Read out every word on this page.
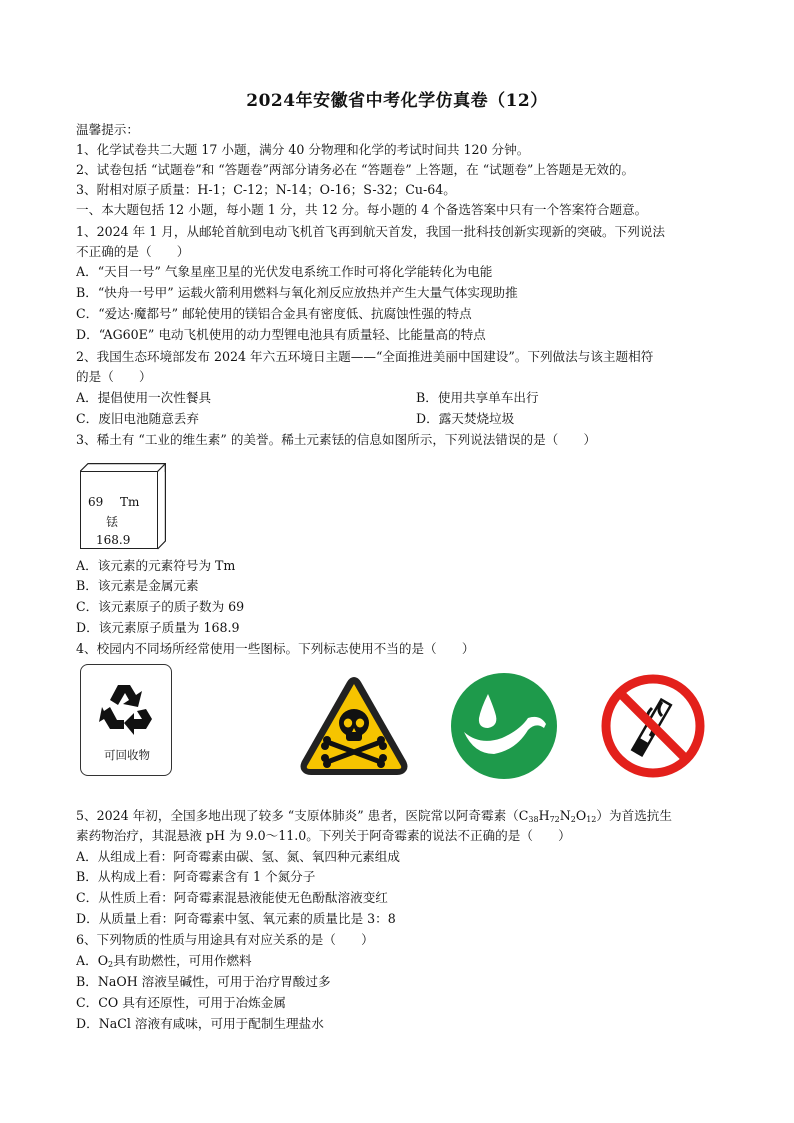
2024年安徽省中考化学仿真卷（12）
温馨提示：
1、化学试卷共二大题 17 小题，满分 40 分物理和化学的考试时间共 120 分钟。
2、试卷包括 “试题卷”和 “答题卷”两部分请务必在 “答题卷” 上答题，在 “试题卷”上答题是无效的。
3、附相对原子质量：H-1；C-12；N-14；O-16；S-32；Cu-64。
一、本大题包括 12 小题，每小题 1 分，共 12 分。每小题的 4 个备选答案中只有一个答案符合题意。
1、2024 年 1 月，从邮轮首航到电动飞机首飞再到航天首发，我国一批科技创新实现新的突破。下列说法
不正确的是（　　）
A．“天目一号” 气象星座卫星的光伏发电系统工作时可将化学能转化为电能
B．“快舟一号甲” 运载火箭利用燃料与氧化剂反应放热并产生大量气体实现助推
C．“爱达·魔都号” 邮轮使用的镁铝合金具有密度低、抗腐蚀性强的特点
D．“AG60E” 电动飞机使用的动力型锂电池具有质量轻、比能量高的特点
2、我国生态环境部发布 2024 年六五环境日主题——“全面推进美丽中国建设”。下列做法与该主题相符
的是（　　）
A．提倡使用一次性餐具	B．使用共享单车出行
C．废旧电池随意丢弃	D．露天焚烧垃圾
3、稀土有 “工业的维生素” 的美誉。稀土元素铥的信息如图所示，下列说法错误的是（　　）
69 Tm
铥
168.9
A．该元素的元素符号为 Tm
B．该元素是金属元素
C．该元素原子的质子数为 69
D．该元素原子质量为 168.9
4、校园内不同场所经常使用一些图标。下列标志使用不当的是（　　）
可回收物
5、2024 年初，全国多地出现了较多 “支原体肺炎” 患者，医院常以阿奇霉素$(C_{38}H_{72}N_2O_{12})$为首选抗生
素药物治疗，其混悬液 pH 为 9.0～11.0。下列关于阿奇霉素的说法不正确的是（　　）
A．从组成上看：阿奇霉素由碳、氢、氮、氧四种元素组成
B．从构成上看：阿奇霉素含有 1 个氮分子
C．从性质上看：阿奇霉素混悬液能使无色酚酞溶液变红
D．从质量上看：阿奇霉素中氢、氧元素的质量比是 3：8
6、下列物质的性质与用途具有对应关系的是（　　）
A．$O_2$具有助燃性，可用作燃料
B．NaOH 溶液呈碱性，可用于治疗胃酸过多
C．CO 具有还原性，可用于冶炼金属
D．NaCl 溶液有咸味，可用于配制生理盐水
